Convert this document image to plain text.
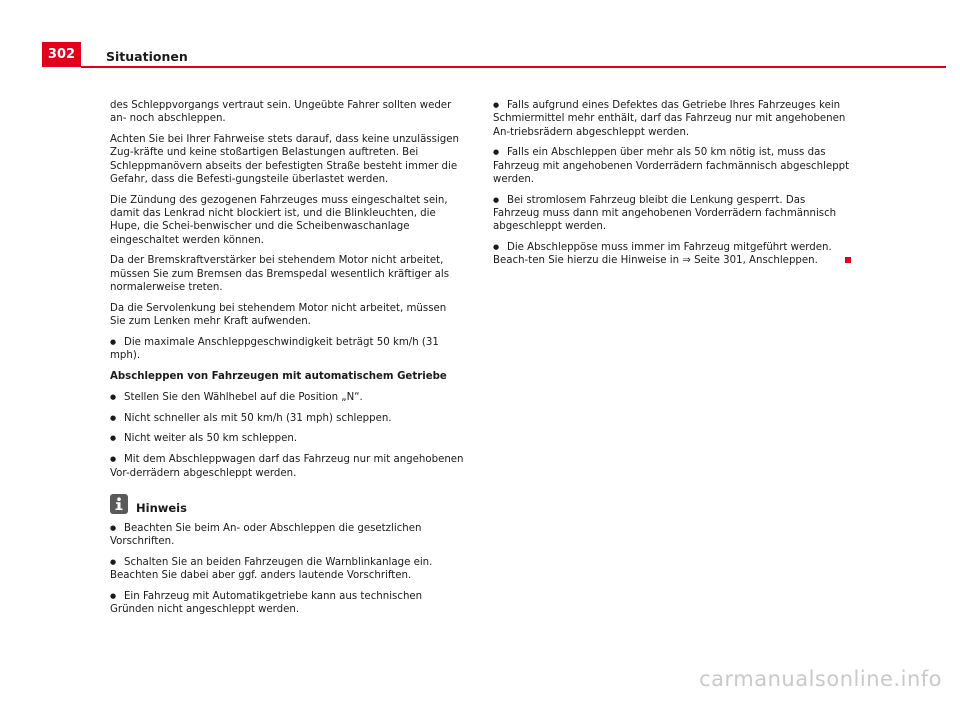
302	Situationen

des Schleppvorgangs vertraut sein. Ungeübte Fahrer sollten weder an- noch abschleppen.

Achten Sie bei Ihrer Fahrweise stets darauf, dass keine unzulässigen Zug-kräfte und keine stoßartigen Belastungen auftreten. Bei Schleppmanövern abseits der befestigten Straße besteht immer die Gefahr, dass die Befesti-gungsteile überlastet werden.

Die Zündung des gezogenen Fahrzeuges muss eingeschaltet sein, damit das Lenkrad nicht blockiert ist, und die Blinkleuchten, die Hupe, die Schei-benwischer und die Scheibenwaschanlage eingeschaltet werden können.

Da der Bremskraftverstärker bei stehendem Motor nicht arbeitet, müssen Sie zum Bremsen das Bremspedal wesentlich kräftiger als normalerweise treten.

Da die Servolenkung bei stehendem Motor nicht arbeitet, müssen Sie zum Lenken mehr Kraft aufwenden.

● Die maximale Anschleppgeschwindigkeit beträgt 50 km/h (31 mph).

Abschleppen von Fahrzeugen mit automatischem Getriebe

● Stellen Sie den Wählhebel auf die Position „N“.

● Nicht schneller als mit 50 km/h (31 mph) schleppen.

● Nicht weiter als 50 km schleppen.

● Mit dem Abschleppwagen darf das Fahrzeug nur mit angehobenen Vor-derrädern abgeschleppt werden.

Hinweis

● Beachten Sie beim An- oder Abschleppen die gesetzlichen Vorschriften.

● Schalten Sie an beiden Fahrzeugen die Warnblinkanlage ein. Beachten Sie dabei aber ggf. anders lautende Vorschriften.

● Ein Fahrzeug mit Automatikgetriebe kann aus technischen Gründen nicht angeschleppt werden.

● Falls aufgrund eines Defektes das Getriebe Ihres Fahrzeuges kein Schmiermittel mehr enthält, darf das Fahrzeug nur mit angehobenen An-triebsrädern abgeschleppt werden.

● Falls ein Abschleppen über mehr als 50 km nötig ist, muss das Fahrzeug mit angehobenen Vorderrädern fachmännisch abgeschleppt werden.

● Bei stromlosem Fahrzeug bleibt die Lenkung gesperrt. Das Fahrzeug muss dann mit angehobenen Vorderrädern fachmännisch abgeschleppt werden.

● Die Abschleppöse muss immer im Fahrzeug mitgeführt werden. Beach-ten Sie hierzu die Hinweise in ⇒ Seite 301, Anschleppen.

carmanualsonline.info
